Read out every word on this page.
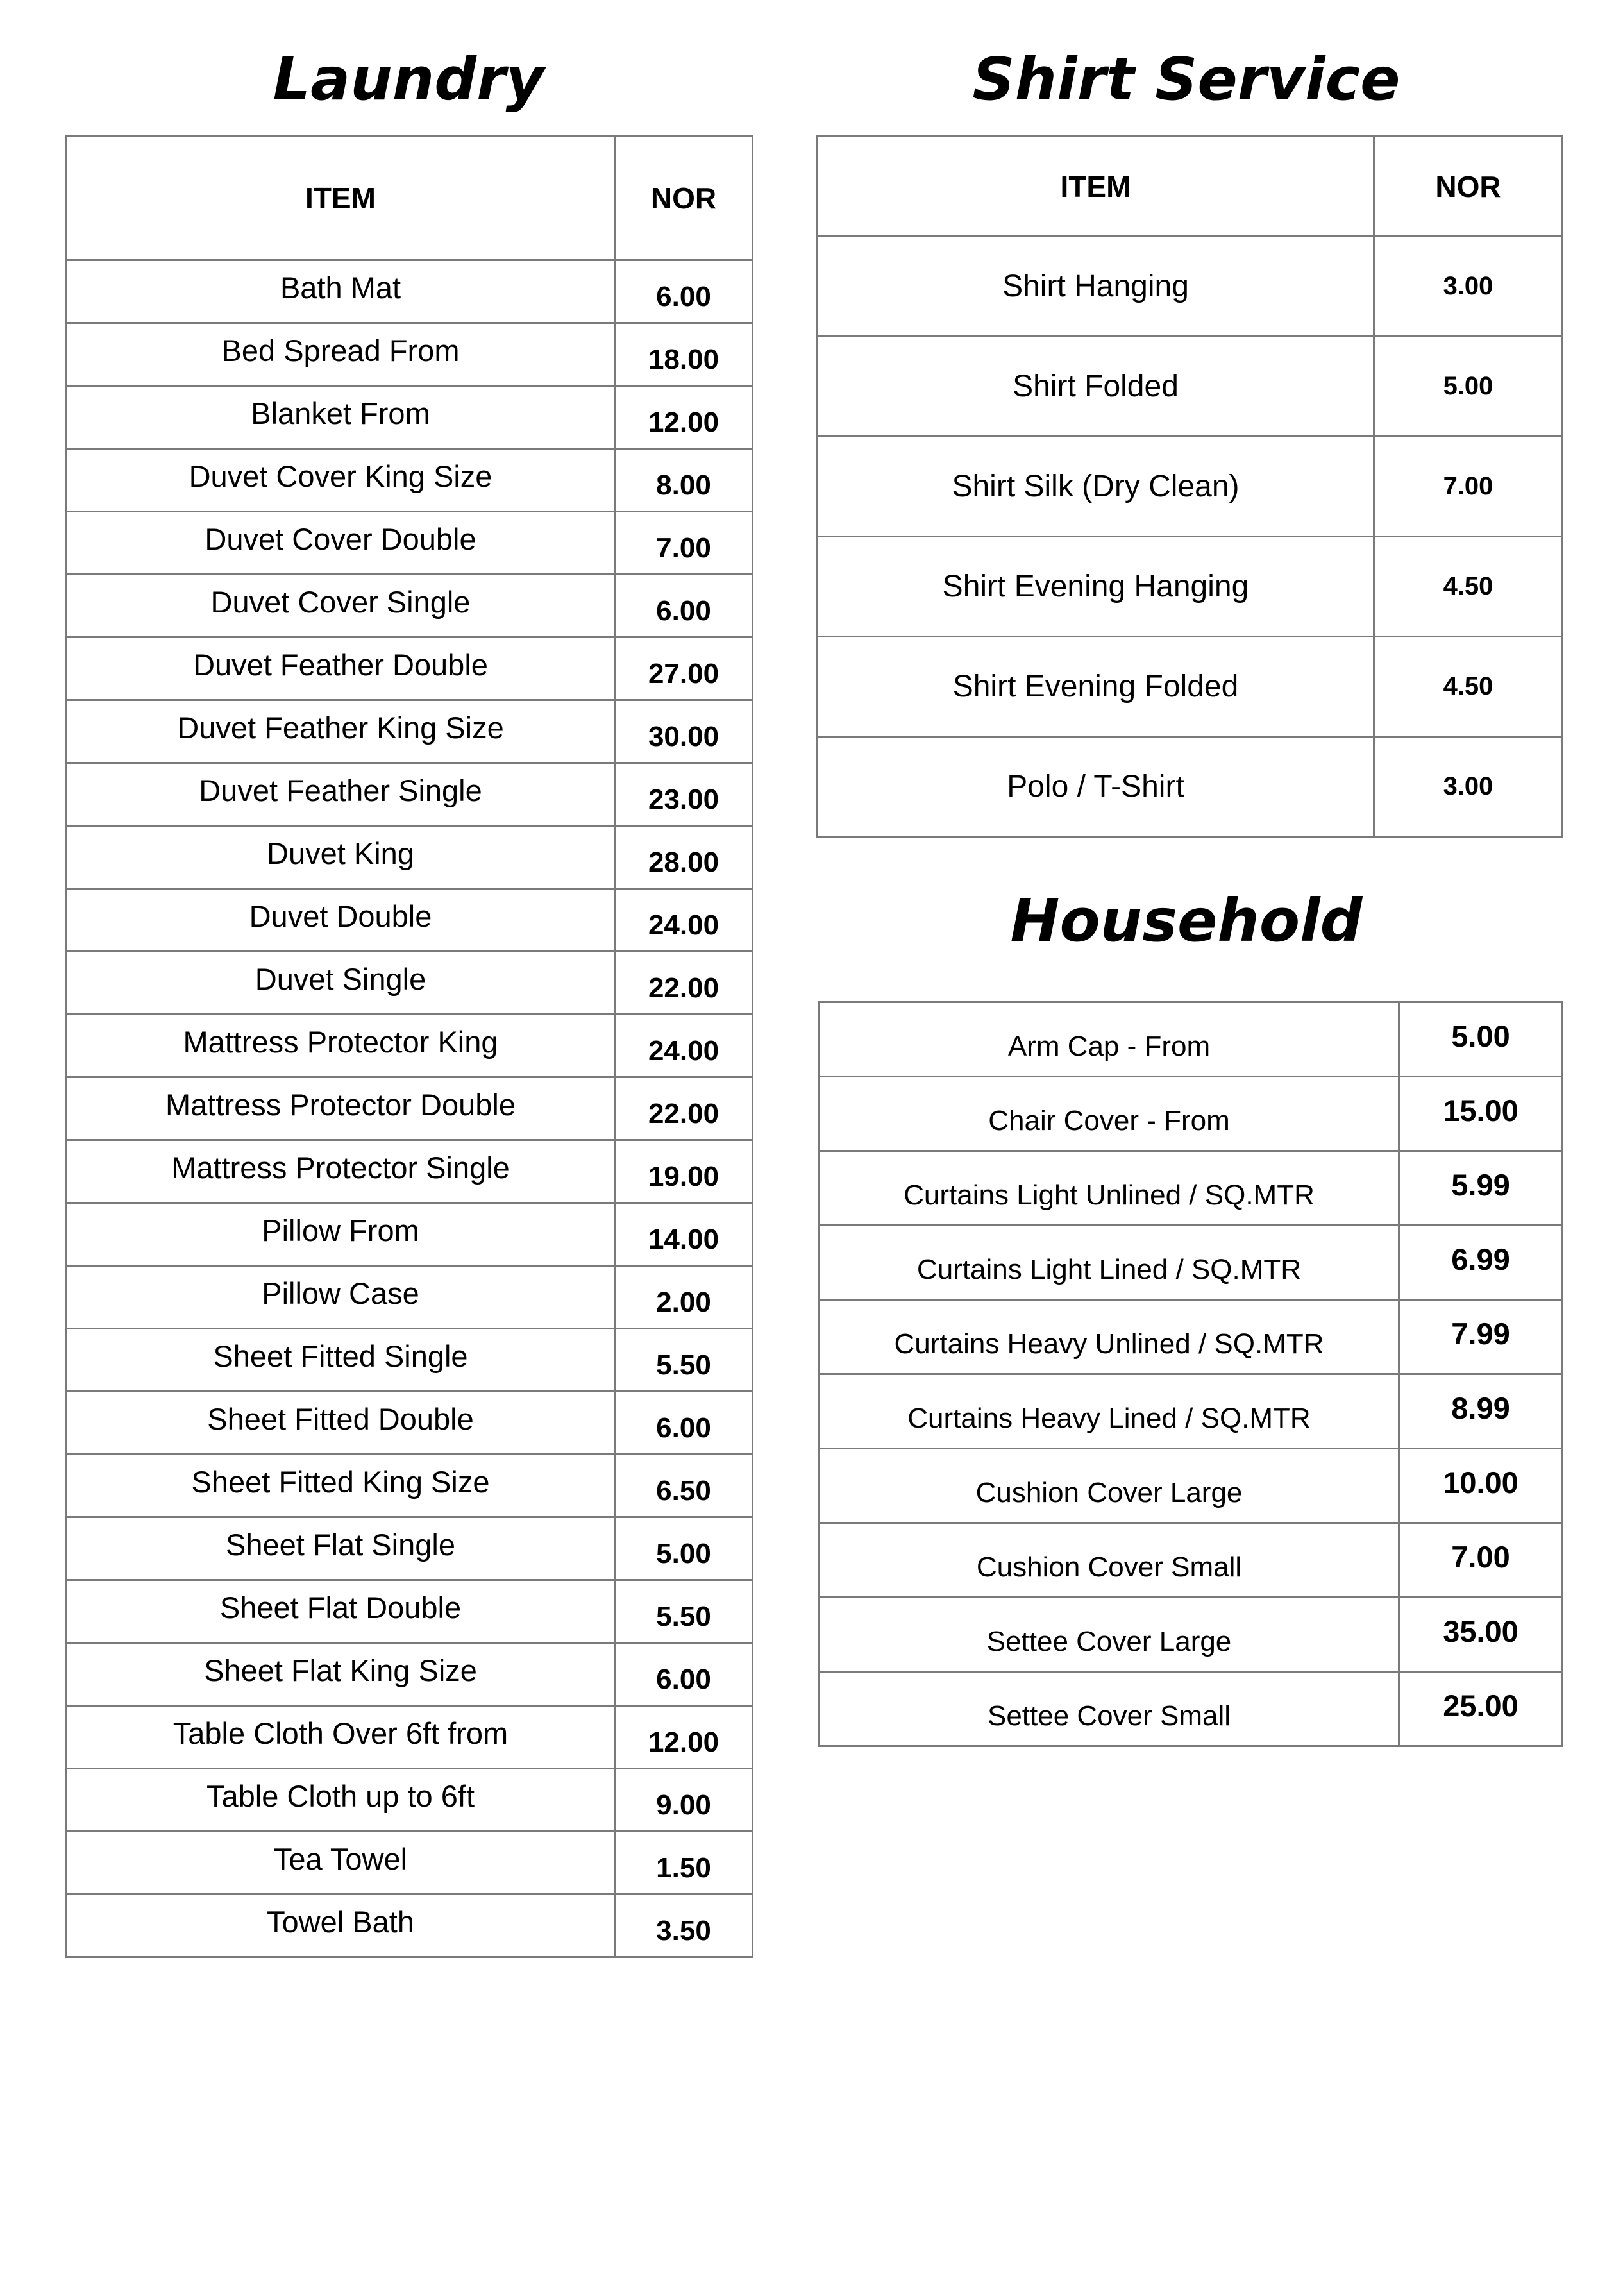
Laundry
ITEM	NOR
Bath Mat	6.00
Bed Spread From	18.00
Blanket From	12.00
Duvet Cover King Size	8.00
Duvet Cover Double	7.00
Duvet Cover Single	6.00
Duvet Feather Double	27.00
Duvet Feather King Size	30.00
Duvet Feather Single	23.00
Duvet King	28.00
Duvet Double	24.00
Duvet Single	22.00
Mattress Protector King	24.00
Mattress Protector Double	22.00
Mattress Protector Single	19.00
Pillow From	14.00
Pillow Case	2.00
Sheet Fitted Single	5.50
Sheet Fitted Double	6.00
Sheet Fitted King Size	6.50
Sheet Flat Single	5.00
Sheet Flat Double	5.50
Sheet Flat King Size	6.00
Table Cloth Over 6ft from	12.00
Table Cloth up to 6ft	9.00
Tea Towel	1.50
Towel Bath	3.50
Shirt Service
ITEM	NOR
Shirt Hanging	3.00
Shirt Folded	5.00
Shirt Silk (Dry Clean)	7.00
Shirt Evening Hanging	4.50
Shirt Evening Folded	4.50
Polo / T-Shirt	3.00
Household
Arm Cap - From	5.00
Chair Cover - From	15.00
Curtains Light Unlined / SQ.MTR	5.99
Curtains Light Lined / SQ.MTR	6.99
Curtains Heavy Unlined / SQ.MTR	7.99
Curtains Heavy Lined / SQ.MTR	8.99
Cushion Cover Large	10.00
Cushion Cover Small	7.00
Settee Cover Large	35.00
Settee Cover Small	25.00
